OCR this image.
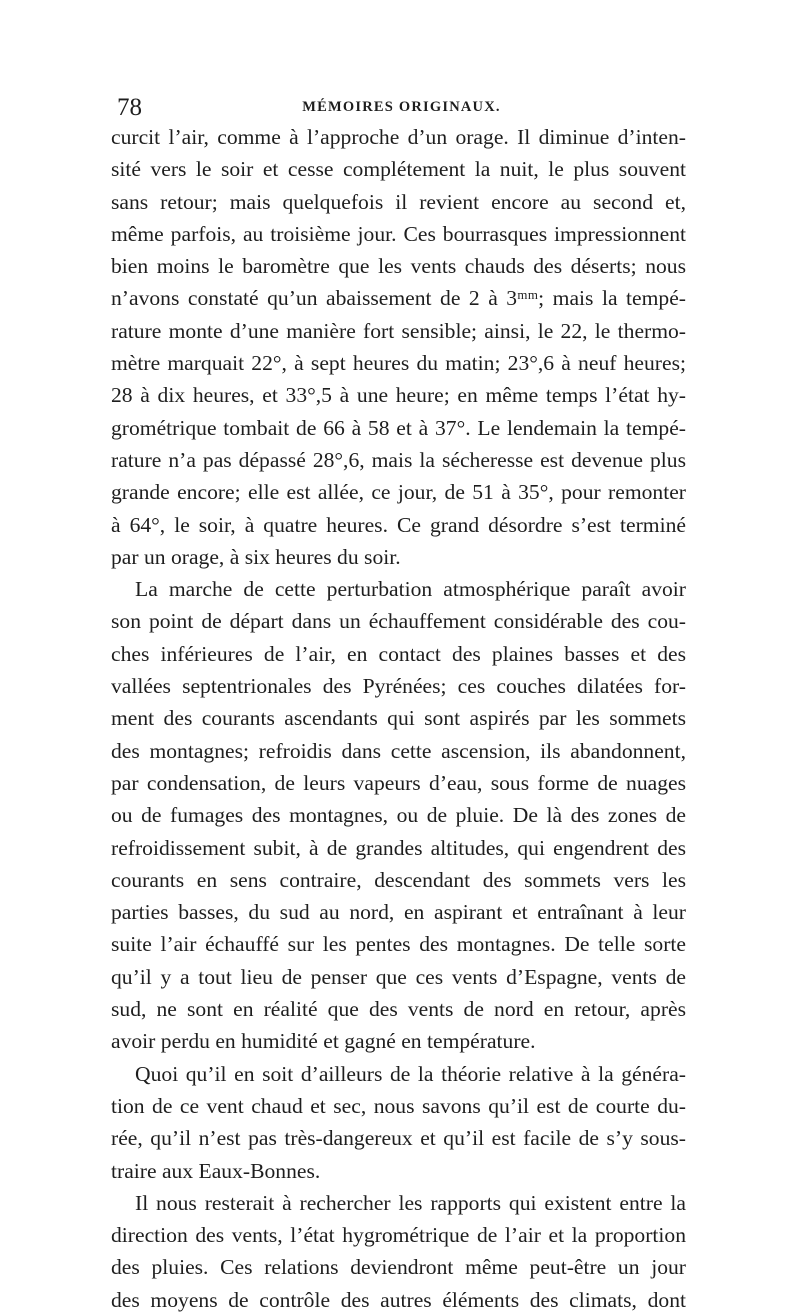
78	MÉMOIRES ORIGINAUX.
curcit l’air, comme à l’approche d’un orage. Il diminue d’inten-
sité vers le soir et cesse complétement la nuit, le plus souvent
sans retour; mais quelquefois il revient encore au second et,
même parfois, au troisième jour. Ces bourrasques impressionnent
bien moins le baromètre que les vents chauds des déserts; nous
n’avons constaté qu’un abaissement de 2 à 3ᵐᵐ; mais la tempé-
rature monte d’une manière fort sensible; ainsi, le 22, le thermo-
mètre marquait 22°, à sept heures du matin; 23°,6 à neuf heures;
28 à dix heures, et 33°,5 à une heure; en même temps l’état hy-
grométrique tombait de 66 à 58 et à 37°. Le lendemain la tempé-
rature n’a pas dépassé 28°,6, mais la sécheresse est devenue plus
grande encore; elle est allée, ce jour, de 51 à 35°, pour remonter
à 64°, le soir, à quatre heures. Ce grand désordre s’est terminé
par un orage, à six heures du soir.
La marche de cette perturbation atmosphérique paraît avoir
son point de départ dans un échauffement considérable des cou-
ches inférieures de l’air, en contact des plaines basses et des
vallées septentrionales des Pyrénées; ces couches dilatées for-
ment des courants ascendants qui sont aspirés par les sommets
des montagnes; refroidis dans cette ascension, ils abandonnent,
par condensation, de leurs vapeurs d’eau, sous forme de nuages
ou de fumages des montagnes, ou de pluie. De là des zones de
refroidissement subit, à de grandes altitudes, qui engendrent des
courants en sens contraire, descendant des sommets vers les
parties basses, du sud au nord, en aspirant et entraînant à leur
suite l’air échauffé sur les pentes des montagnes. De telle sorte
qu’il y a tout lieu de penser que ces vents d’Espagne, vents de
sud, ne sont en réalité que des vents de nord en retour, après
avoir perdu en humidité et gagné en température.
Quoi qu’il en soit d’ailleurs de la théorie relative à la généra-
tion de ce vent chaud et sec, nous savons qu’il est de courte du-
rée, qu’il n’est pas très-dangereux et qu’il est facile de s’y sous-
traire aux Eaux-Bonnes.
Il nous resterait à rechercher les rapports qui existent entre la
direction des vents, l’état hygrométrique de l’air et la proportion
des pluies. Ces relations deviendront même peut-être un jour
des moyens de contrôle des autres éléments des climats, dont
